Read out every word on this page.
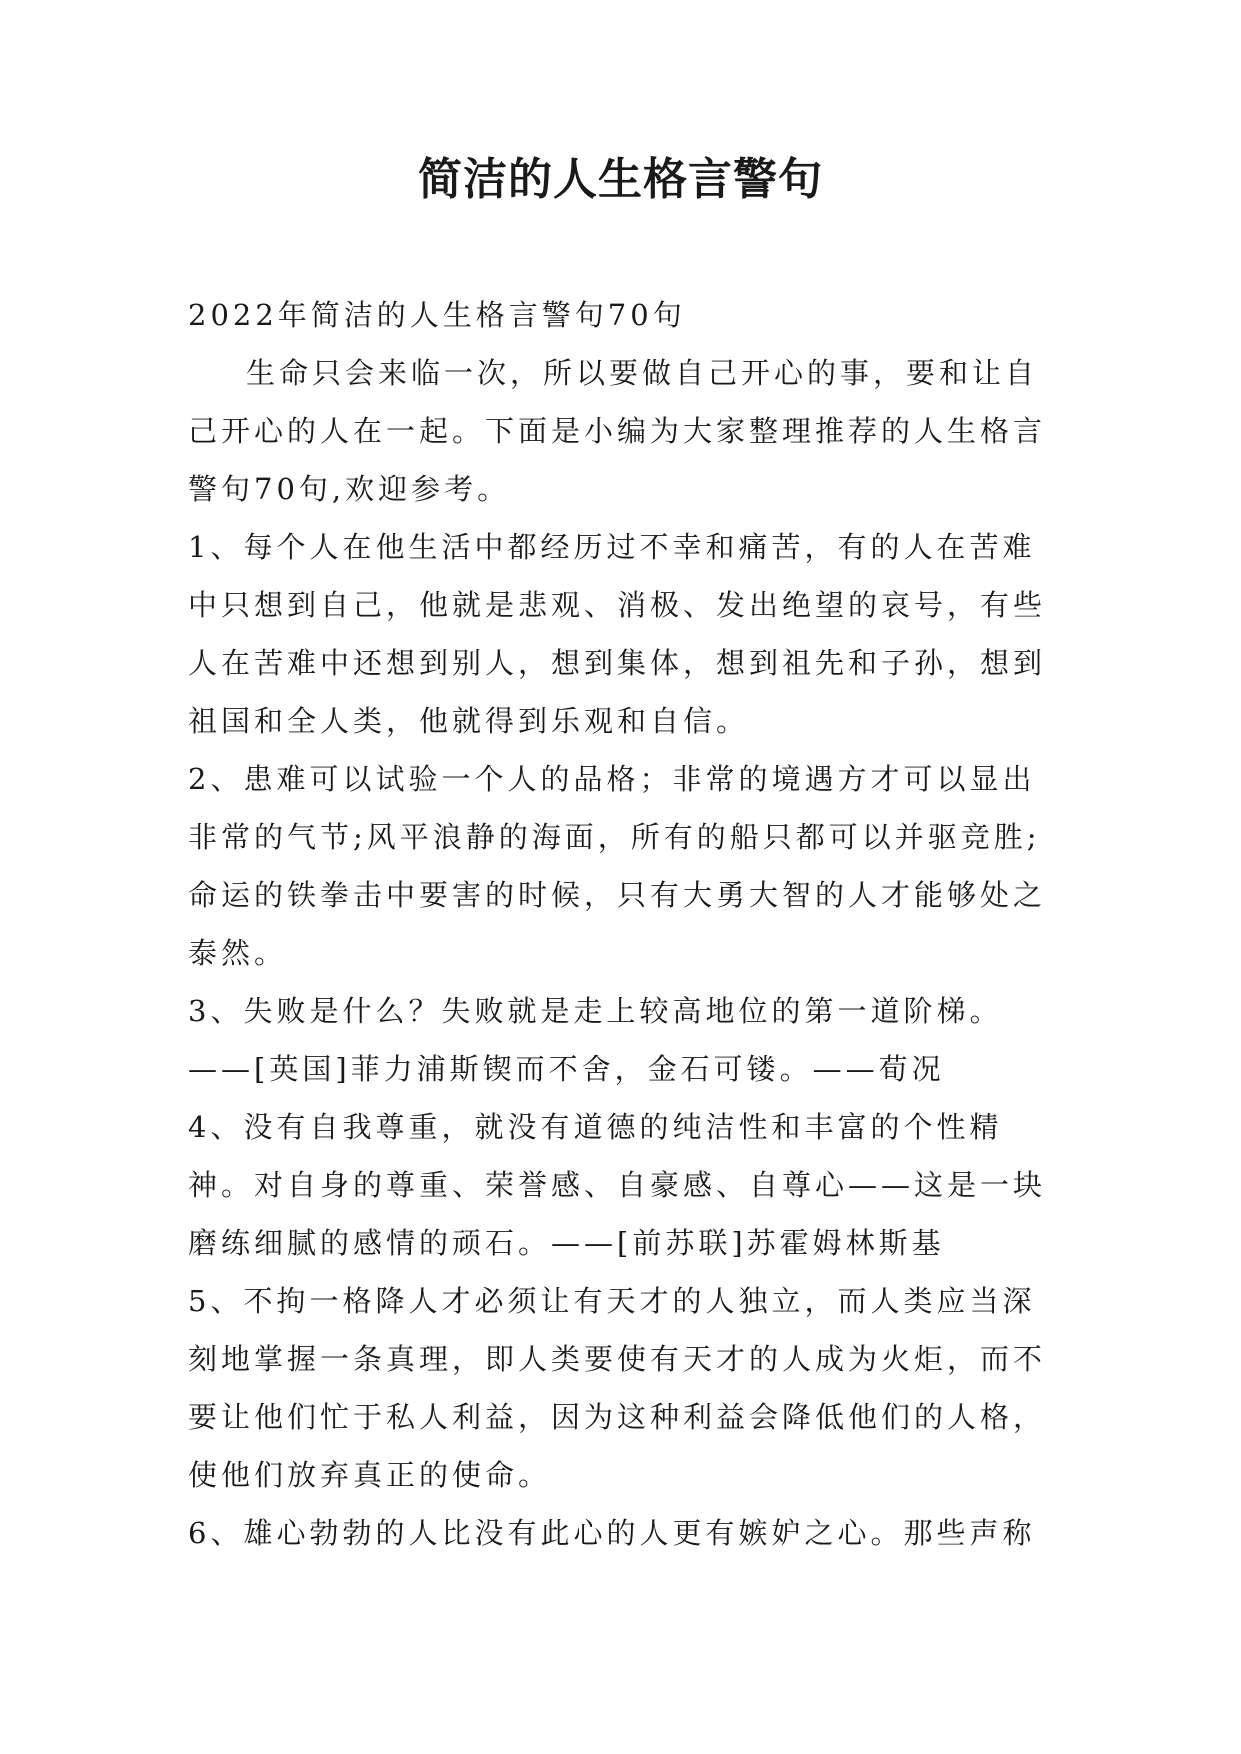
简洁的人生格言警句

2022年简洁的人生格言警句70句

生命只会来临一次，所以要做自己开心的事，要和让自己开心的人在一起。下面是小编为大家整理推荐的人生格言警句70句,欢迎参考。

1、每个人在他生活中都经历过不幸和痛苦，有的人在苦难中只想到自己，他就是悲观、消极、发出绝望的哀号，有些人在苦难中还想到别人，想到集体，想到祖先和子孙，想到祖国和全人类，他就得到乐观和自信。

2、患难可以试验一个人的品格；非常的境遇方才可以显出非常的气节;风平浪静的海面，所有的船只都可以并驱竞胜;命运的铁拳击中要害的时候，只有大勇大智的人才能够处之泰然。

3、失败是什么？失败就是走上较高地位的第一道阶梯。——[英国]菲力浦斯锲而不舍，金石可镂。——荀况

4、没有自我尊重，就没有道德的纯洁性和丰富的个性精神。对自身的尊重、荣誉感、自豪感、自尊心——这是一块磨练细腻的感情的顽石。——[前苏联]苏霍姆林斯基

5、不拘一格降人才必须让有天才的人独立，而人类应当深刻地掌握一条真理，即人类要使有天才的人成为火炬，而不要让他们忙于私人利益，因为这种利益会降低他们的人格，使他们放弃真正的使命。

6、雄心勃勃的人比没有此心的人更有嫉妒之心。那些声称
